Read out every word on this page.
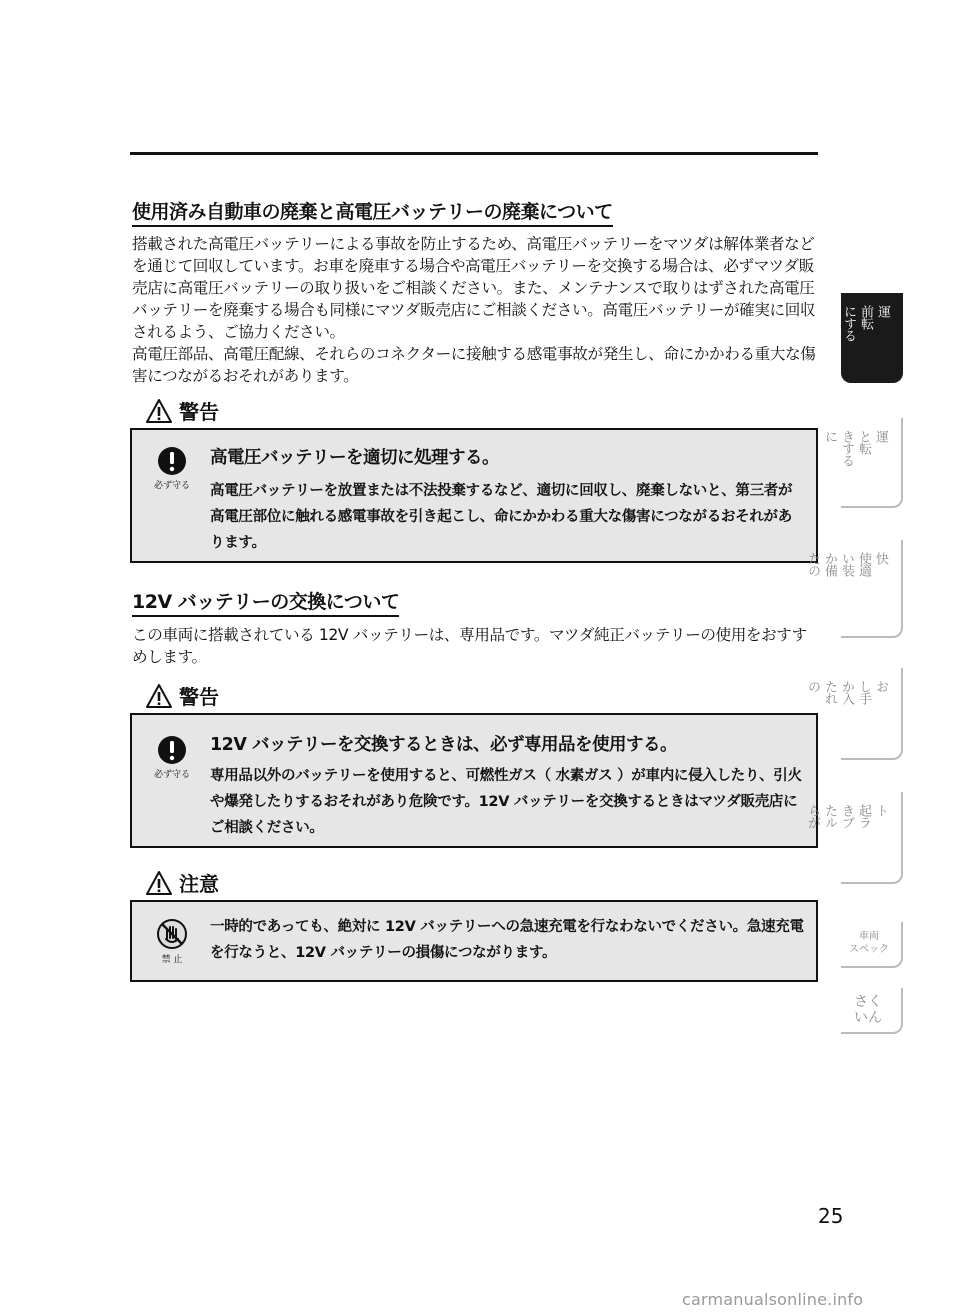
使用済み自動車の廃棄と高電圧バッテリーの廃棄について

搭載された高電圧バッテリーによる事故を防止するため、高電圧バッテリーをマツダは解体業者などを通じて回収しています。お車を廃車する場合や高電圧バッテリーを交換する場合は、必ずマツダ販売店に高電圧バッテリーの取り扱いをご相談ください。また、メンテナンスで取りはずされた高電圧バッテリーを廃棄する場合も同様にマツダ販売店にご相談ください。高電圧バッテリーが確実に回収されるよう、ご協力ください。

高電圧部品、高電圧配線、それらのコネクターに接触する感電事故が発生し、命にかかわる重大な傷害につながるおそれがあります。

警告
必ず守る
高電圧バッテリーを適切に処理する。
高電圧バッテリーを放置または不法投棄するなど、適切に回収し、廃棄しないと、第三者が高電圧部位に触れる感電事故を引き起こし、命にかかわる重大な傷害につながるおそれがあります。
12V バッテリーの交換について
この車両に搭載されている 12V バッテリーは、専用品です。マツダ純正バッテリーの使用をおすすめします。
警告
必ず守る
12V バッテリーを交換するときは、必ず専用品を使用する。
専用品以外のバッテリーを使用すると、可燃性ガス（ 水素ガス ）が車内に侵入したり、引火や爆発したりするおそれがあり危険です。12V バッテリーを交換するときはマツダ販売店にご相談ください。
注意
禁 止
一時的であっても、絶対に 12V バッテリーへの急速充電を行なわないでください。急速充電を行なうと、12V バッテリーの損傷につながります。
運
前転
にする
運
と転
きする
に
快
使適
い装
か備
たの
お
し手
か入
たれ
の
ト
起ラ
きブ
たル
らが
車両
スペック
さく
いん
25
carmanualsonline.info
